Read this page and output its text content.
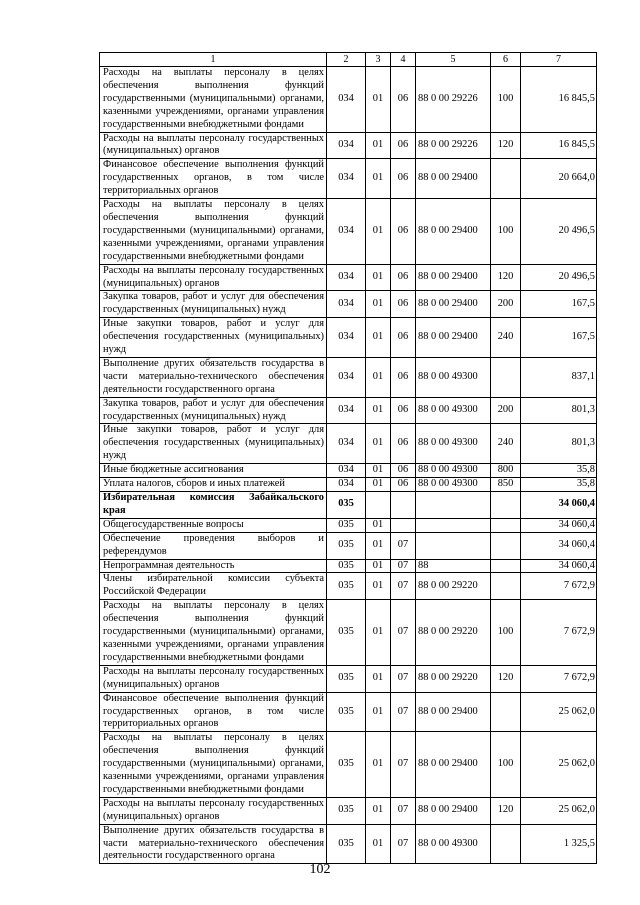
1	2	3	4	5	6	7
Расходы на выплаты персоналу в целях обеспечения выполнения функций государственными (муниципальными) органами, казенными учреждениями, органами управления государственными внебюджетными фондами	034	01	06	88 0 00 29226	100	16 845,5
Расходы на выплаты персоналу государственных (муниципальных) органов	034	01	06	88 0 00 29226	120	16 845,5
Финансовое обеспечение выполнения функций государственных органов, в том числе территориальных органов	034	01	06	88 0 00 29400		20 664,0
Расходы на выплаты персоналу в целях обеспечения выполнения функций государственными (муниципальными) органами, казенными учреждениями, органами управления государственными внебюджетными фондами	034	01	06	88 0 00 29400	100	20 496,5
Расходы на выплаты персоналу государственных (муниципальных) органов	034	01	06	88 0 00 29400	120	20 496,5
Закупка товаров, работ и услуг для обеспечения государственных (муниципальных) нужд	034	01	06	88 0 00 29400	200	167,5
Иные закупки товаров, работ и услуг для обеспечения государственных (муниципальных) нужд	034	01	06	88 0 00 29400	240	167,5
Выполнение других обязательств государства в части материально-технического обеспечения деятельности государственного органа	034	01	06	88 0 00 49300		837,1
Закупка товаров, работ и услуг для обеспечения государственных (муниципальных) нужд	034	01	06	88 0 00 49300	200	801,3
Иные закупки товаров, работ и услуг для обеспечения государственных (муниципальных) нужд	034	01	06	88 0 00 49300	240	801,3
Иные бюджетные ассигнования	034	01	06	88 0 00 49300	800	35,8
Уплата налогов, сборов и иных платежей	034	01	06	88 0 00 49300	850	35,8
Избирательная комиссия Забайкальского края	035					34 060,4
Общегосударственные вопросы	035	01				34 060,4
Обеспечение проведения выборов и референдумов	035	01	07			34 060,4
Непрограммная деятельность	035	01	07	88		34 060,4
Члены избирательной комиссии субъекта Российской Федерации	035	01	07	88 0 00 29220		7 672,9
Расходы на выплаты персоналу в целях обеспечения выполнения функций государственными (муниципальными) органами, казенными учреждениями, органами управления государственными внебюджетными фондами	035	01	07	88 0 00 29220	100	7 672,9
Расходы на выплаты персоналу государственных (муниципальных) органов	035	01	07	88 0 00 29220	120	7 672,9
Финансовое обеспечение выполнения функций государственных органов, в том числе территориальных органов	035	01	07	88 0 00 29400		25 062,0
Расходы на выплаты персоналу в целях обеспечения выполнения функций государственными (муниципальными) органами, казенными учреждениями, органами управления государственными внебюджетными фондами	035	01	07	88 0 00 29400	100	25 062,0
Расходы на выплаты персоналу государственных (муниципальных) органов	035	01	07	88 0 00 29400	120	25 062,0
Выполнение других обязательств государства в части материально-технического обеспечения деятельности государственного органа	035	01	07	88 0 00 49300		1 325,5
102
